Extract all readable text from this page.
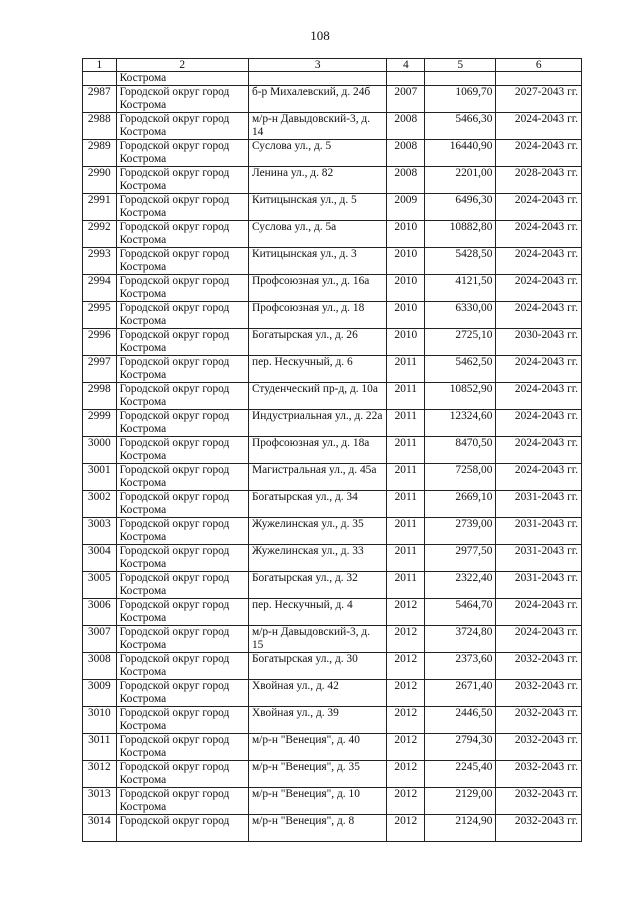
108
1	2	3	4	5	6
	Кострома				
2987	Городской округ город Кострома	б-р Михалевский, д. 24б	2007	1069,70	2027-2043 гг.
2988	Городской округ город Кострома	м/р-н Давыдовский-3, д. 14	2008	5466,30	2024-2043 гг.
2989	Городской округ город Кострома	Суслова ул., д. 5	2008	16440,90	2024-2043 гг.
2990	Городской округ город Кострома	Ленина ул., д. 82	2008	2201,00	2028-2043 гг.
2991	Городской округ город Кострома	Китицынская ул., д. 5	2009	6496,30	2024-2043 гг.
2992	Городской округ город Кострома	Суслова ул., д. 5а	2010	10882,80	2024-2043 гг.
2993	Городской округ город Кострома	Китицынская ул., д. 3	2010	5428,50	2024-2043 гг.
2994	Городской округ город Кострома	Профсоюзная ул., д. 16а	2010	4121,50	2024-2043 гг.
2995	Городской округ город Кострома	Профсоюзная ул., д. 18	2010	6330,00	2024-2043 гг.
2996	Городской округ город Кострома	Богатырская ул., д. 26	2010	2725,10	2030-2043 гг.
2997	Городской округ город Кострома	пер. Нескучный, д. 6	2011	5462,50	2024-2043 гг.
2998	Городской округ город Кострома	Студенческий пр-д, д. 10а	2011	10852,90	2024-2043 гг.
2999	Городской округ город Кострома	Индустриальная ул., д. 22а	2011	12324,60	2024-2043 гг.
3000	Городской округ город Кострома	Профсоюзная ул., д. 18а	2011	8470,50	2024-2043 гг.
3001	Городской округ город Кострома	Магистральная ул., д. 45а	2011	7258,00	2024-2043 гг.
3002	Городской округ город Кострома	Богатырская ул., д. 34	2011	2669,10	2031-2043 гг.
3003	Городской округ город Кострома	Жужелинская ул., д. 35	2011	2739,00	2031-2043 гг.
3004	Городской округ город Кострома	Жужелинская ул., д. 33	2011	2977,50	2031-2043 гг.
3005	Городской округ город Кострома	Богатырская ул., д. 32	2011	2322,40	2031-2043 гг.
3006	Городской округ город Кострома	пер. Нескучный, д. 4	2012	5464,70	2024-2043 гг.
3007	Городской округ город Кострома	м/р-н Давыдовский-3, д. 15	2012	3724,80	2024-2043 гг.
3008	Городской округ город Кострома	Богатырская ул., д. 30	2012	2373,60	2032-2043 гг.
3009	Городской округ город Кострома	Хвойная ул., д. 42	2012	2671,40	2032-2043 гг.
3010	Городской округ город Кострома	Хвойная ул., д. 39	2012	2446,50	2032-2043 гг.
3011	Городской округ город Кострома	м/р-н "Венеция", д. 40	2012	2794,30	2032-2043 гг.
3012	Городской округ город Кострома	м/р-н "Венеция", д. 35	2012	2245,40	2032-2043 гг.
3013	Городской округ город Кострома	м/р-н "Венеция", д. 10	2012	2129,00	2032-2043 гг.
3014	Городской округ город	м/р-н "Венеция", д. 8	2012	2124,90	2032-2043 гг.
